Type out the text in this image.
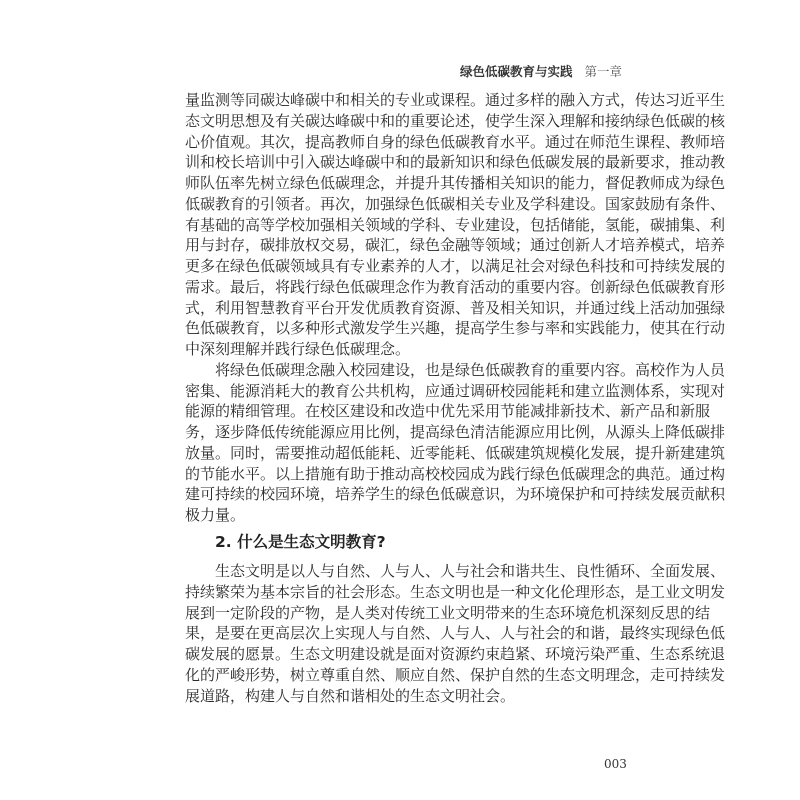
绿色低碳教育与实践 第一章
量监测等同碳达峰碳中和相关的专业或课程。通过多样的融入方式，传达习近平生
态文明思想及有关碳达峰碳中和的重要论述，使学生深入理解和接纳绿色低碳的核
心价值观。其次，提高教师自身的绿色低碳教育水平。通过在师范生课程、教师培
训和校长培训中引入碳达峰碳中和的最新知识和绿色低碳发展的最新要求，推动教
师队伍率先树立绿色低碳理念，并提升其传播相关知识的能力，督促教师成为绿色
低碳教育的引领者。再次，加强绿色低碳相关专业及学科建设。国家鼓励有条件、
有基础的高等学校加强相关领域的学科、专业建设，包括储能，氢能，碳捕集、利
用与封存，碳排放权交易，碳汇，绿色金融等领域；通过创新人才培养模式，培养
更多在绿色低碳领域具有专业素养的人才，以满足社会对绿色科技和可持续发展的
需求。最后，将践行绿色低碳理念作为教育活动的重要内容。创新绿色低碳教育形
式，利用智慧教育平台开发优质教育资源、普及相关知识，并通过线上活动加强绿
色低碳教育，以多种形式激发学生兴趣，提高学生参与率和实践能力，使其在行动
中深刻理解并践行绿色低碳理念。
将绿色低碳理念融入校园建设，也是绿色低碳教育的重要内容。高校作为人员
密集、能源消耗大的教育公共机构，应通过调研校园能耗和建立监测体系，实现对
能源的精细管理。在校区建设和改造中优先采用节能减排新技术、新产品和新服
务，逐步降低传统能源应用比例，提高绿色清洁能源应用比例，从源头上降低碳排
放量。同时，需要推动超低能耗、近零能耗、低碳建筑规模化发展，提升新建建筑
的节能水平。以上措施有助于推动高校校园成为践行绿色低碳理念的典范。通过构
建可持续的校园环境，培养学生的绿色低碳意识，为环境保护和可持续发展贡献积
极力量。
2. 什么是生态文明教育?
生态文明是以人与自然、人与人、人与社会和谐共生、良性循环、全面发展、
持续繁荣为基本宗旨的社会形态。生态文明也是一种文化伦理形态，是工业文明发
展到一定阶段的产物，是人类对传统工业文明带来的生态环境危机深刻反思的结
果，是要在更高层次上实现人与自然、人与人、人与社会的和谐，最终实现绿色低
碳发展的愿景。生态文明建设就是面对资源约束趋紧、环境污染严重、生态系统退
化的严峻形势，树立尊重自然、顺应自然、保护自然的生态文明理念，走可持续发
展道路，构建人与自然和谐相处的生态文明社会。
003
